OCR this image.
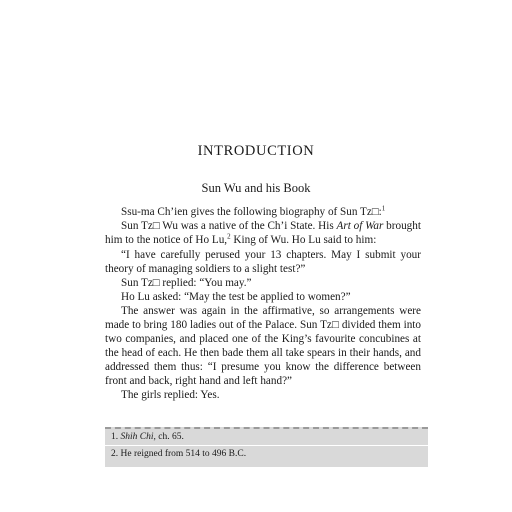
INTRODUCTION
Sun Wu and his Book

Ssu-ma Ch’ien gives the following biography of Sun Tz□:$^1$

Sun Tz□ Wu was a native of the Ch’i State. His Art of War brought him to the notice of Ho Lu,$^2$ King of Wu. Ho Lu said to him:

“I have carefully perused your 13 chapters. May I submit your theory of managing soldiers to a slight test?”

Sun Tz□ replied: “You may.”

Ho Lu asked: “May the test be applied to women?”

The answer was again in the affirmative, so arrangements were made to bring 180 ladies out of the Palace. Sun Tz□ divided them into two companies, and placed one of the King’s favourite concubines at the head of each. He then bade them all take spears in their hands, and addressed them thus: “I presume you know the difference between front and back, right hand and left hand?”

The girls replied: Yes.

1. Shih Chi, ch. 65.
2. He reigned from 514 to 496 B.C.
